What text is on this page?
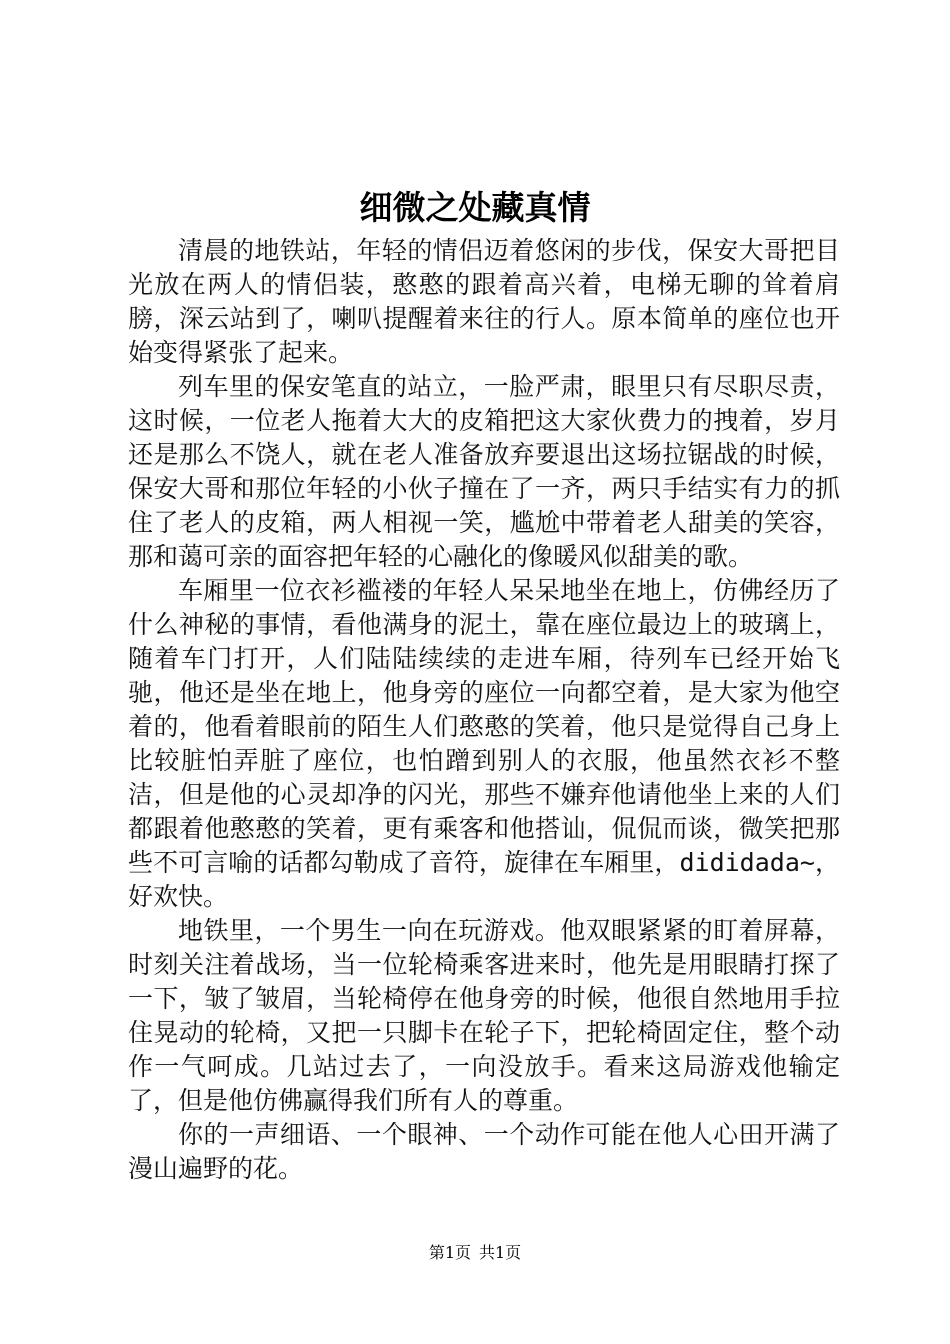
细微之处藏真情

清晨的地铁站，年轻的情侣迈着悠闲的步伐，保安大哥把目光放在两人的情侣装，憨憨的跟着高兴着，电梯无聊的耸着肩膀，深云站到了，喇叭提醒着来往的行人。原本简单的座位也开始变得紧张了起来。

列车里的保安笔直的站立，一脸严肃，眼里只有尽职尽责，这时候，一位老人拖着大大的皮箱把这大家伙费力的拽着，岁月还是那么不饶人，就在老人准备放弃要退出这场拉锯战的时候，保安大哥和那位年轻的小伙子撞在了一齐，两只手结实有力的抓住了老人的皮箱，两人相视一笑，尴尬中带着老人甜美的笑容，那和蔼可亲的面容把年轻的心融化的像暖风似甜美的歌。

车厢里一位衣衫褴褛的年轻人呆呆地坐在地上，仿佛经历了什么神秘的事情，看他满身的泥土，靠在座位最边上的玻璃上，随着车门打开，人们陆陆续续的走进车厢，待列车已经开始飞驰，他还是坐在地上，他身旁的座位一向都空着，是大家为他空着的，他看着眼前的陌生人们憨憨的笑着，他只是觉得自己身上比较脏怕弄脏了座位，也怕蹭到别人的衣服，他虽然衣衫不整洁，但是他的心灵却净的闪光，那些不嫌弃他请他坐上来的人们都跟着他憨憨的笑着，更有乘客和他搭讪，侃侃而谈，微笑把那些不可言喻的话都勾勒成了音符，旋律在车厢里，dididada~，好欢快。

地铁里，一个男生一向在玩游戏。他双眼紧紧的盯着屏幕，时刻关注着战场，当一位轮椅乘客进来时，他先是用眼睛打探了一下，皱了皱眉，当轮椅停在他身旁的时候，他很自然地用手拉住晃动的轮椅，又把一只脚卡在轮子下，把轮椅固定住，整个动作一气呵成。几站过去了，一向没放手。看来这局游戏他输定了，但是他仿佛赢得我们所有人的尊重。

你的一声细语、一个眼神、一个动作可能在他人心田开满了漫山遍野的花。

第1页 共1页
